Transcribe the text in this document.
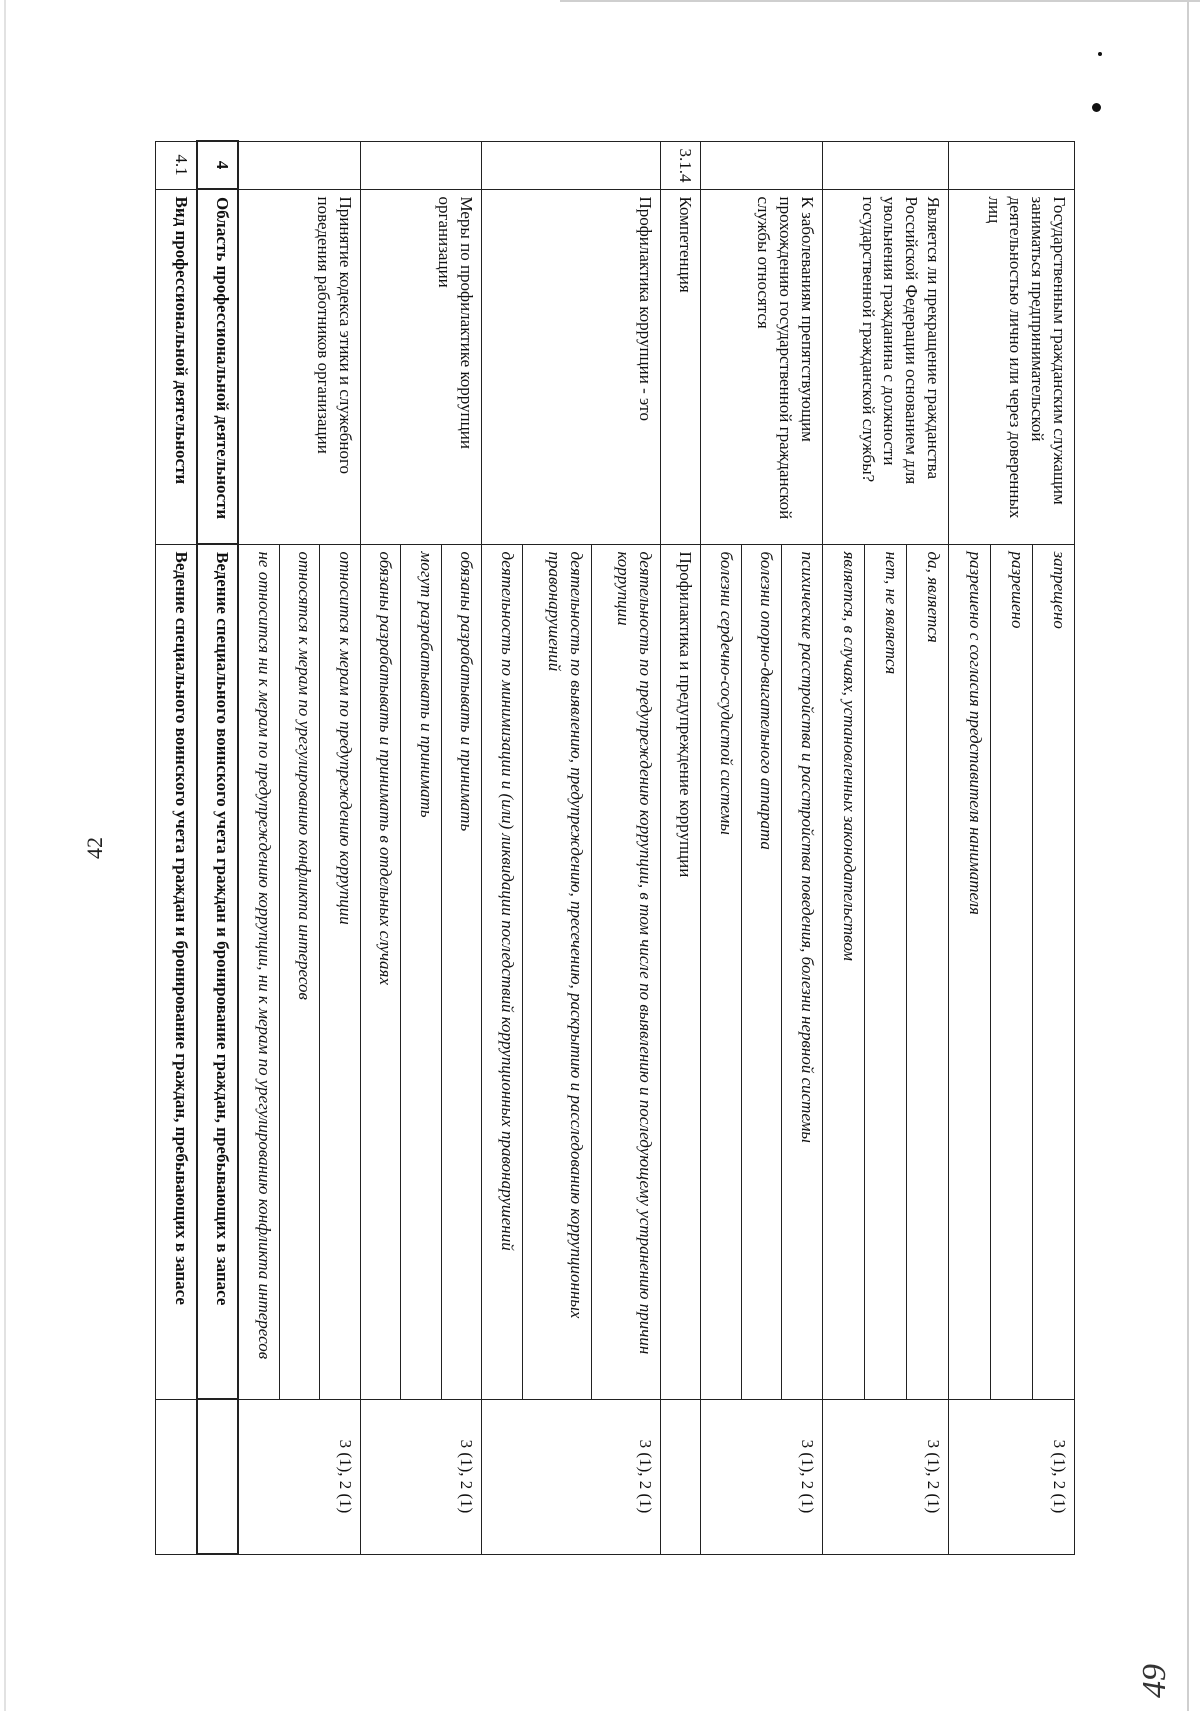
42
49
	Государственным гражданским служащим заниматься предпринимательской деятельностью лично или через доверенных лиц	запрещено	3 (1), 2 (1)
		разрешено	
		разрешено с согласия представителя нанимателя	
	Является ли прекращение гражданства Российской Федерации основанием для увольнения гражданина с должности государственной гражданской службы?	да, является	3 (1), 2 (1)
		нет, не является	
		является, в случаях, установленных законодательством	
	К заболеваниям препятствующим прохождению государственной гражданской службы относятся	психические расстройства и расстройства поведения, болезни нервной системы	3 (1), 2 (1)
		болезни опорно-двигательного аппарата	
		болезни сердечно-сосудистой системы	
3.1.4	Компетенция	Профилактика и предупреждение коррупции	
	Профилактика коррупции - это	деятельность по предупреждению коррупции, в том числе по выявлению и последующему устранению причин коррупции	3 (1), 2 (1)
		деятельность по выявлению, предупреждению, пресечению, раскрытию и расследованию коррупционных правонарушений	
		деятельность по минимизации и (или) ликвидации последствий коррупционных правонарушений	
	Меры по профилактике коррупции организации	обязаны разрабатывать и принимать	3 (1), 2 (1)
		могут разрабатывать и принимать	
		обязаны разрабатывать и принимать в отдельных случаях	
	Принятие кодекса этики и служебного поведения работников организации	относится к мерам по предупреждению коррупции	3 (1), 2 (1)
		относятся к мерам по урегулированию конфликта интересов	
		не относится ни к мерам по предупреждению коррупции, ни к мерам по урегулированию конфликта интересов	
4	Область профессиональной деятельности	Ведение специального воинского учета граждан и бронирование граждан, пребывающих в запасе	
4.1	Вид профессиональной деятельности	Ведение специального воинского учета граждан и бронирование граждан, пребывающих в запасе	
